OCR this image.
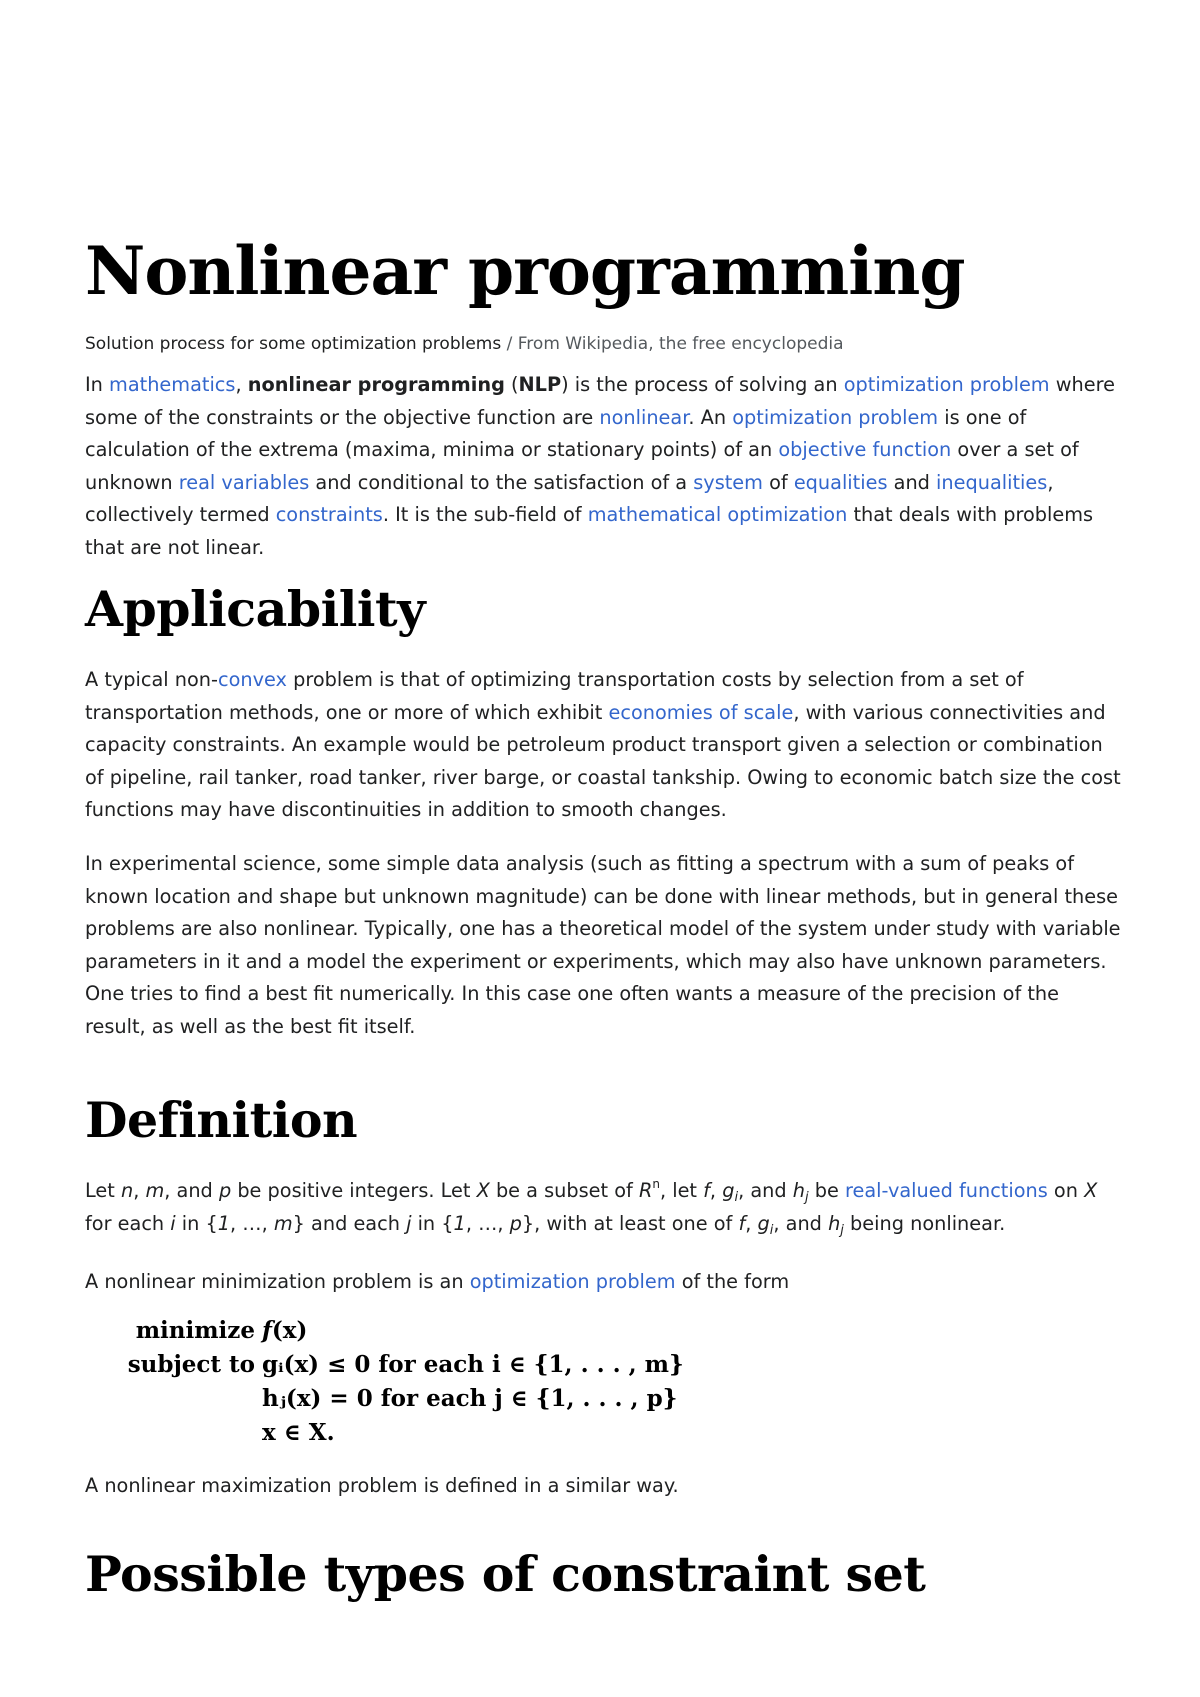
Nonlinear programming
Solution process for some optimization problems / From Wikipedia, the free encyclopedia

In mathematics, nonlinear programming (NLP) is the process of solving an optimization problem where some of the constraints or the objective function are nonlinear. An optimization problem is one of calculation of the extrema (maxima, minima or stationary points) of an objective function over a set of unknown real variables and conditional to the satisfaction of a system of equalities and inequalities, collectively termed constraints. It is the sub-field of mathematical optimization that deals with problems that are not linear.

Applicability

A typical non-convex problem is that of optimizing transportation costs by selection from a set of transportation methods, one or more of which exhibit economies of scale, with various connectivities and capacity constraints. An example would be petroleum product transport given a selection or combination of pipeline, rail tanker, road tanker, river barge, or coastal tankship. Owing to economic batch size the cost functions may have discontinuities in addition to smooth changes.

In experimental science, some simple data analysis (such as fitting a spectrum with a sum of peaks of known location and shape but unknown magnitude) can be done with linear methods, but in general these problems are also nonlinear. Typically, one has a theoretical model of the system under study with variable parameters in it and a model the experiment or experiments, which may also have unknown parameters. One tries to find a best fit numerically. In this case one often wants a measure of the precision of the result, as well as the best fit itself.

Definition

Let n, m, and p be positive integers. Let X be a subset of $R^n$, let f, $g_i$, and $h_j$ be real-valued functions on X for each i in {1, …, m} and each j in {1, …, p}, with at least one of f, $g_i$, and $h_j$ being nonlinear.

A nonlinear minimization problem is an optimization problem of the form

minimize f(x)
subject to gᵢ(x) ≤ 0 for each i ∈ {1, . . . , m}
hⱼ(x) = 0 for each j ∈ {1, . . . , p}
x ∈ X.

A nonlinear maximization problem is defined in a similar way.

Possible types of constraint set
